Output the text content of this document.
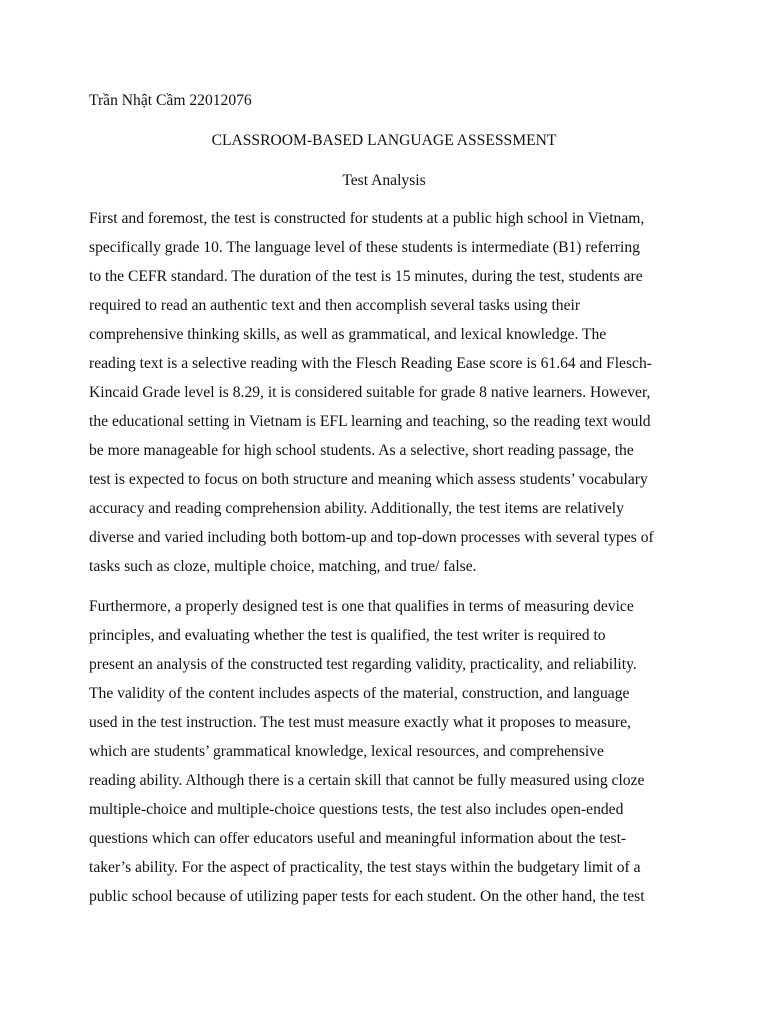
Trần Nhật Cầm 22012076
CLASSROOM-BASED LANGUAGE ASSESSMENT
Test Analysis
First and foremost, the test is constructed for students at a public high school in Vietnam,
specifically grade 10. The language level of these students is intermediate (B1) referring
to the CEFR standard. The duration of the test is 15 minutes, during the test, students are
required to read an authentic text and then accomplish several tasks using their
comprehensive thinking skills, as well as grammatical, and lexical knowledge. The
reading text is a selective reading with the Flesch Reading Ease score is 61.64 and Flesch-
Kincaid Grade level is 8.29, it is considered suitable for grade 8 native learners. However,
the educational setting in Vietnam is EFL learning and teaching, so the reading text would
be more manageable for high school students. As a selective, short reading passage, the
test is expected to focus on both structure and meaning which assess students’ vocabulary
accuracy and reading comprehension ability. Additionally, the test items are relatively
diverse and varied including both bottom-up and top-down processes with several types of
tasks such as cloze, multiple choice, matching, and true/ false.
Furthermore, a properly designed test is one that qualifies in terms of measuring device
principles, and evaluating whether the test is qualified, the test writer is required to
present an analysis of the constructed test regarding validity, practicality, and reliability.
The validity of the content includes aspects of the material, construction, and language
used in the test instruction. The test must measure exactly what it proposes to measure,
which are students’ grammatical knowledge, lexical resources, and comprehensive
reading ability. Although there is a certain skill that cannot be fully measured using cloze
multiple-choice and multiple-choice questions tests, the test also includes open-ended
questions which can offer educators useful and meaningful information about the test-
taker’s ability. For the aspect of practicality, the test stays within the budgetary limit of a
public school because of utilizing paper tests for each student. On the other hand, the test
